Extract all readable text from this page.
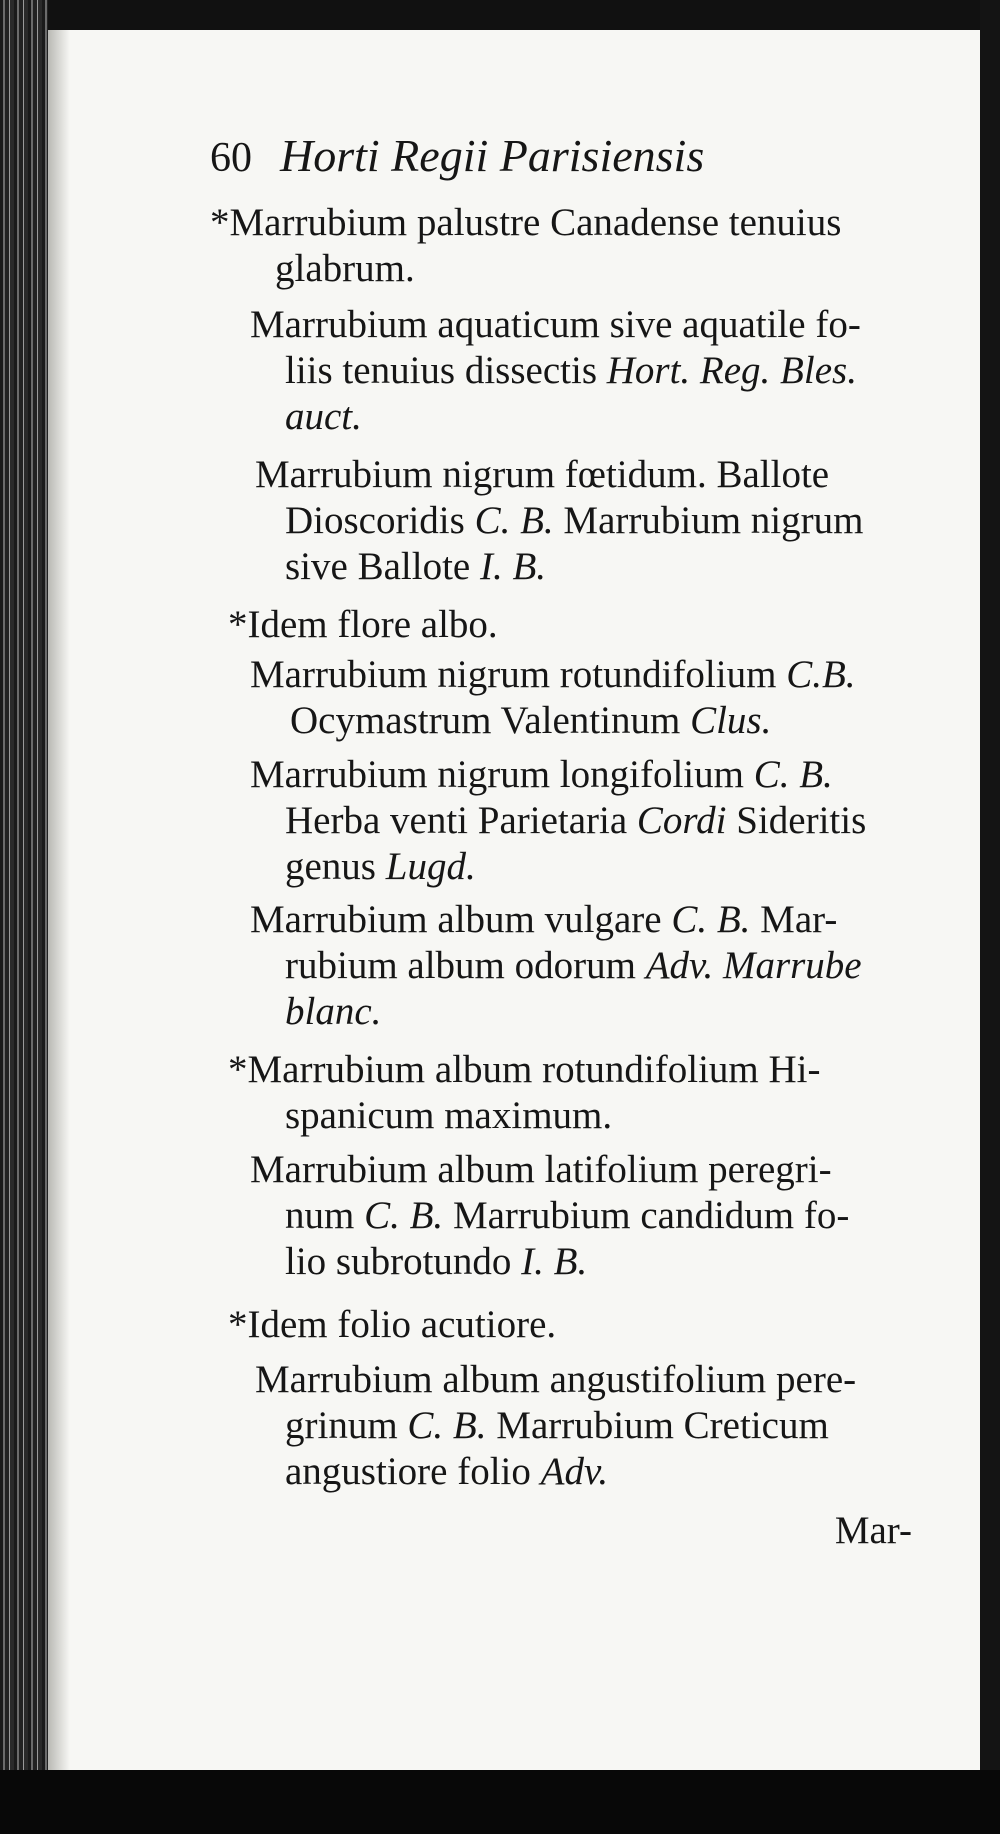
60 Horti Regii Parisiensis
*Marrubium palustre Canadense tenuius
glabrum.
Marrubium aquaticum sive aquatile fo-
liis tenuius dissectis Hort. Reg. Bles.
auct.
Marrubium nigrum fœtidum. Ballote
Dioscoridis C. B. Marrubium nigrum
sive Ballote I. B.
*Idem flore albo.
Marrubium nigrum rotundifolium C.B.
Ocymastrum Valentinum Clus.
Marrubium nigrum longifolium C. B.
Herba venti Parietaria Cordi Sideritis
genus Lugd.
Marrubium album vulgare C. B. Mar-
rubium album odorum Adv. Marrube
blanc.
*Marrubium album rotundifolium Hi-
spanicum maximum.
Marrubium album latifolium peregri-
num C. B. Marrubium candidum fo-
lio subrotundo I. B.
*Idem folio acutiore.
Marrubium album angustifolium pere-
grinum C. B. Marrubium Creticum
angustiore folio Adv.
Mar-
